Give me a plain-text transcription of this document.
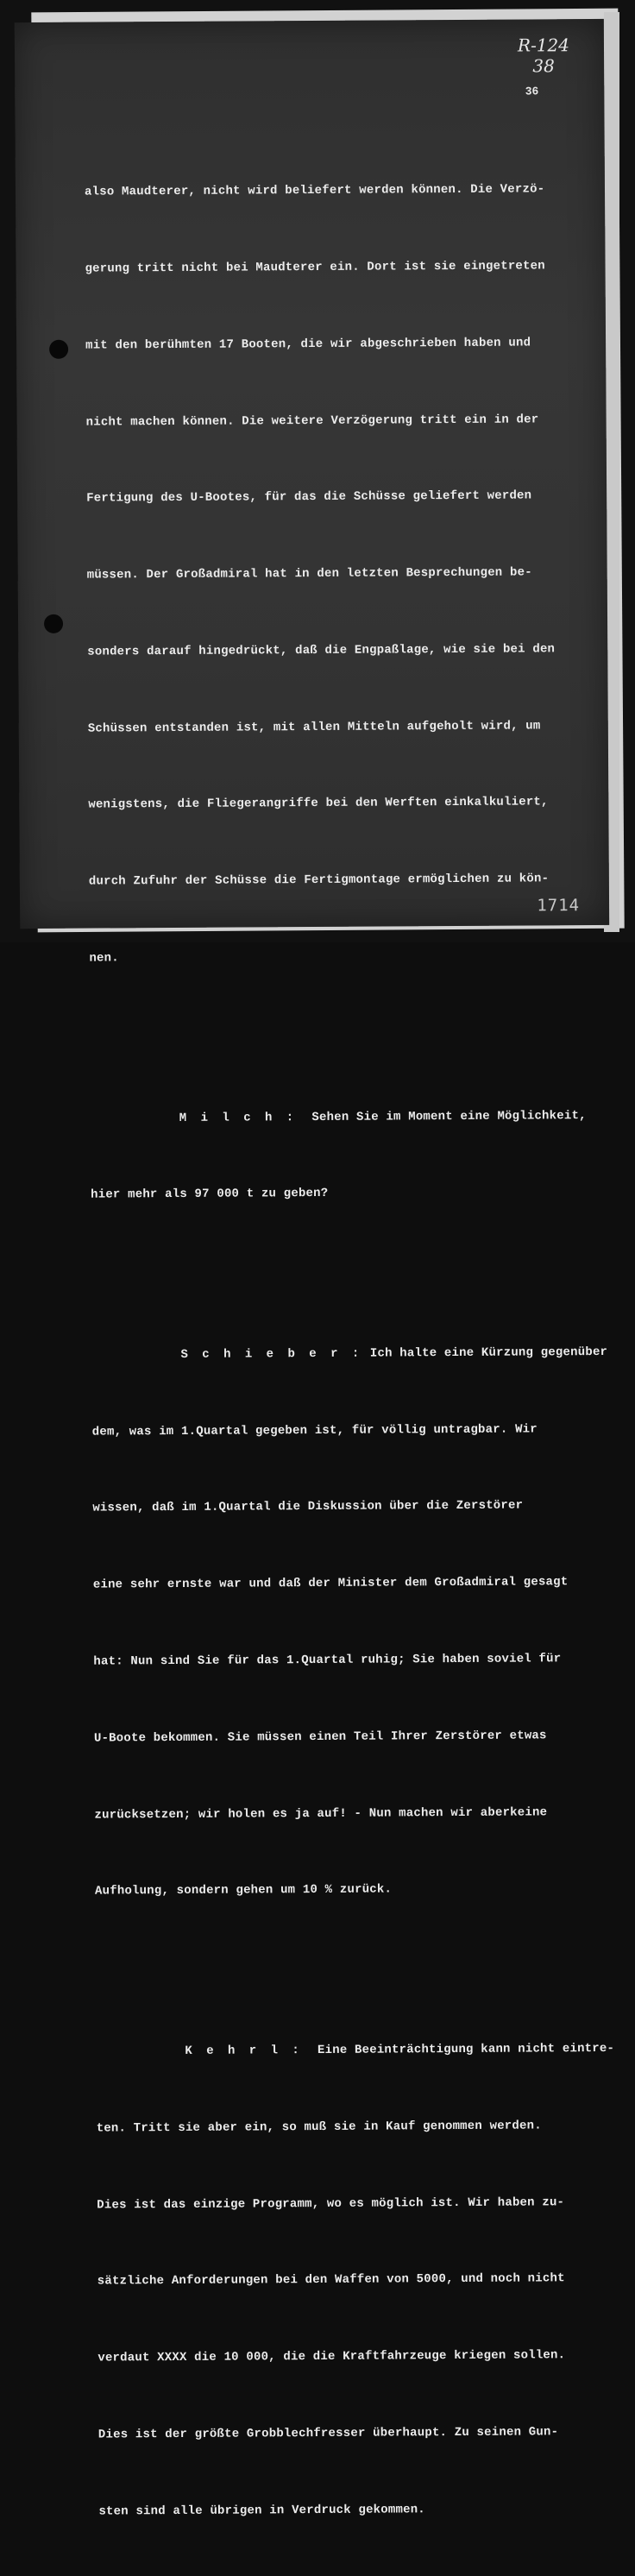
R-124
38
36

also Maudterer, nicht wird beliefert werden können. Die Verzö-

gerung tritt nicht bei Maudterer ein. Dort ist sie eingetreten

mit den berühmten 17 Booten, die wir abgeschrieben haben und

nicht machen können. Die weitere Verzögerung tritt ein in der

Fertigung des U-Bootes, für das die Schüsse geliefert werden

müssen. Der Großadmiral hat in den letzten Besprechungen be-

sonders darauf hingedrückt, daß die Engpaßlage, wie sie bei den

Schüssen entstanden ist, mit allen Mitteln aufgeholt wird, um

wenigstens, die Fliegerangriffe bei den Werften einkalkuliert,

durch Zufuhr der Schüsse die Fertigmontage ermöglichen zu kön-

nen.

M i l c h : Sehen Sie im Moment eine Möglichkeit,

hier mehr als 97 000 t zu geben?

S c h i e b e r : Ich halte eine Kürzung gegenüber

dem, was im 1.Quartal gegeben ist, für völlig untragbar. Wir

wissen, daß im 1.Quartal die Diskussion über die Zerstörer

eine sehr ernste war und daß der Minister dem Großadmiral gesagt

hat: Nun sind Sie für das 1.Quartal ruhig; Sie haben soviel für

U-Boote bekommen. Sie müssen einen Teil Ihrer Zerstörer etwas

zurücksetzen; wir holen es ja auf! - Nun machen wir aberkeine

Aufholung, sondern gehen um 10 % zurück.

K e h r l : Eine Beeinträchtigung kann nicht eintre-

ten. Tritt sie aber ein, so muß sie in Kauf genommen werden.

Dies ist das einzige Programm, wo es möglich ist. Wir haben zu-

sätzliche Anforderungen bei den Waffen von 5000, und noch nicht

verdaut XXXX die 10 000, die die Kraftfahrzeuge kriegen sollen.

Dies ist der größte Grobblechfresser überhaupt. Zu seinen Gun-

sten sind alle übrigen in Verdruck gekommen.

1714
